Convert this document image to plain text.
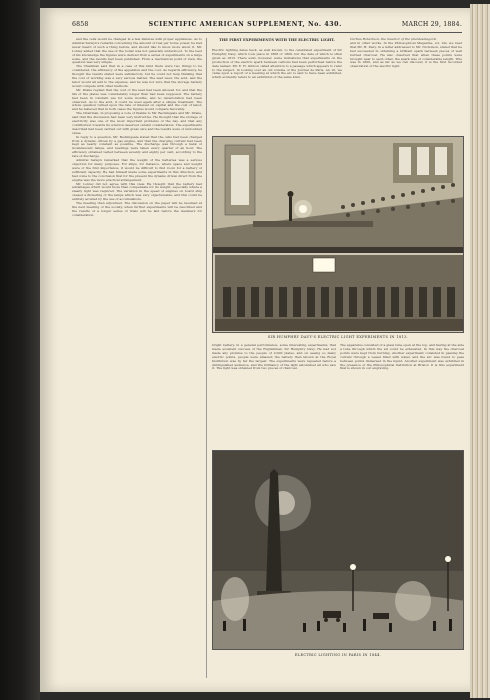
6858	SCIENTIFIC AMERICAN SUPPLEMENT, No. 430.	MARCH 29, 1884.

and the cells would be changed in a few minutes with proper appliances. As to Admiral Selwyn's remarks concerning the amount of fuel per horse power, he had never heard of such a thing before, and should like to know more about it. Mr. Lobley added that the use of the boiler was not generally understood. To the best of his knowledge the figures were derived from a series of experiments on a large scale, and the results had been published. From a mechanical point of view, the question was very simple.

The Chairman said that in a case of this kind there were two things to be considered, the efficiency of the apparatus and the cost. As regards efficiency, he thought the results stated were satisfactory, but he could not help thinking that the cost of working was a very serious matter. The lead used, the acid, and the labor would all add to the expense, and he was not sure that the storage battery would compete with other methods.

Mr. Drake replied that the cost of the lead had been allowed for, and that the life of the plates was considerably longer than had been supposed. The battery had been in constant use for some months, and no deterioration had been observed. As to the acid, it could be used again after a simple treatment. The whole question turned upon the rate of interest on capital and the cost of labor, and he believed that in both cases the figures would compare favorably.

The Chairman, in proposing a vote of thanks to Mr. Beckingsale and Mr. Drake, said that the discussion had been very instructive. He thought that the storage of electricity was one of the most important problems of the day, and that any contribution towards its solution deserved careful consideration. The experiments described had been carried out with great care and the results were of undoubted value.

In reply to a question, Mr. Beckingsale stated that the cells had been charged from a dynamo driven by a gas engine, and that the charging current had been kept as nearly constant as possible. The discharge was through a bank of incandescent lamps, and readings were taken every quarter of an hour. The efficiency obtained varied between seventy and eighty per cent, according to the rate of discharge.

Admiral Selwyn remarked that the weight of the batteries was a serious objection for many purposes. For ships, for instance, where space and weight were of the first importance, it would be difficult to find room for a battery of sufficient capacity. He had himself made some experiments in this direction, and had come to the conclusion that for the present the dynamo driven direct from the engine was the more practical arrangement.

Mr. Lobley did not agree with this view. He thought that the battery had advantages which would more than compensate for its weight, especially where a steady light was required. The variation in the speed of engines on board ship caused a flickering of the lamps which was very objectionable, and this could be entirely avoided by the use of accumulators.

The meeting then adjourned. The discussion on the paper will be resumed at the next meeting of the society, when further experiments will be described and the results of a longer series of trials will be laid before the members for consideration.

THE FIRST EXPERIMENTS WITH THE ELECTRIC LIGHT.
Electric lighting dates back, as well known, to the celebrated experiment of Sir Humphry Davy, which took place in 1808 or 1809, but the date of which is often given as 1813. There exist, however, some indications that experiments on the production of the electric spark between carbons had been performed before the date named. Mr. E. H. Gibbon called attention to a passage which appears to refer to the subject. In looking over an old volume of the Journal de Paris, An 10, we came upon a report of a meeting at which the arc is said to have been exhibited, which evidently refers to an exhibition of the same kind.
Curtius Robertson, the inventor of the phantasmagoria
and in other works. In the Philosophical Magazine, vol. xiii, we read that Mr. H. Davy, in a letter addressed to Mr. Nicholson, stated that he had succeeded in obtaining a brilliant spark between pieces of well burned charcoal. He also observed that when these points were brought near to each other, the spark was of considerable length. This was in 1800, and as far as we can discover, it is the first recorded observation of the electric light.
SIR HUMPHRY DAVY'S ELECTRIC LIGHT EXPERIMENTS IN 1813.
bright battery, in a general performance, some interesting experiments, that made excellent success of the Englishman, Sir Humphry Davy. He had not made any promise to the people of 2,000 plates, and on seeing so many electric points, people were amazed; the battery then known at the Royal Institution was by far the largest. The experiments were repeated before a distinguished audience, and the brilliancy of the light astonished all who saw it. The light was obtained from two pieces of charcoal.
The apparatus consisted of a glass tube open at the top, and having at the side a tube through which the air could be exhausted. In this way the charcoal points were kept from burning. Another experiment consisted in passing the current through a vessel filled with water, and the arc was found to pass between points immersed in the liquid. Another experiment was exhibited in the presence of the Philosophical Institution at Bristol. It is this experiment that is shown in our engraving.
ELECTRIC LIGHTING IN PARIS IN 1844.
